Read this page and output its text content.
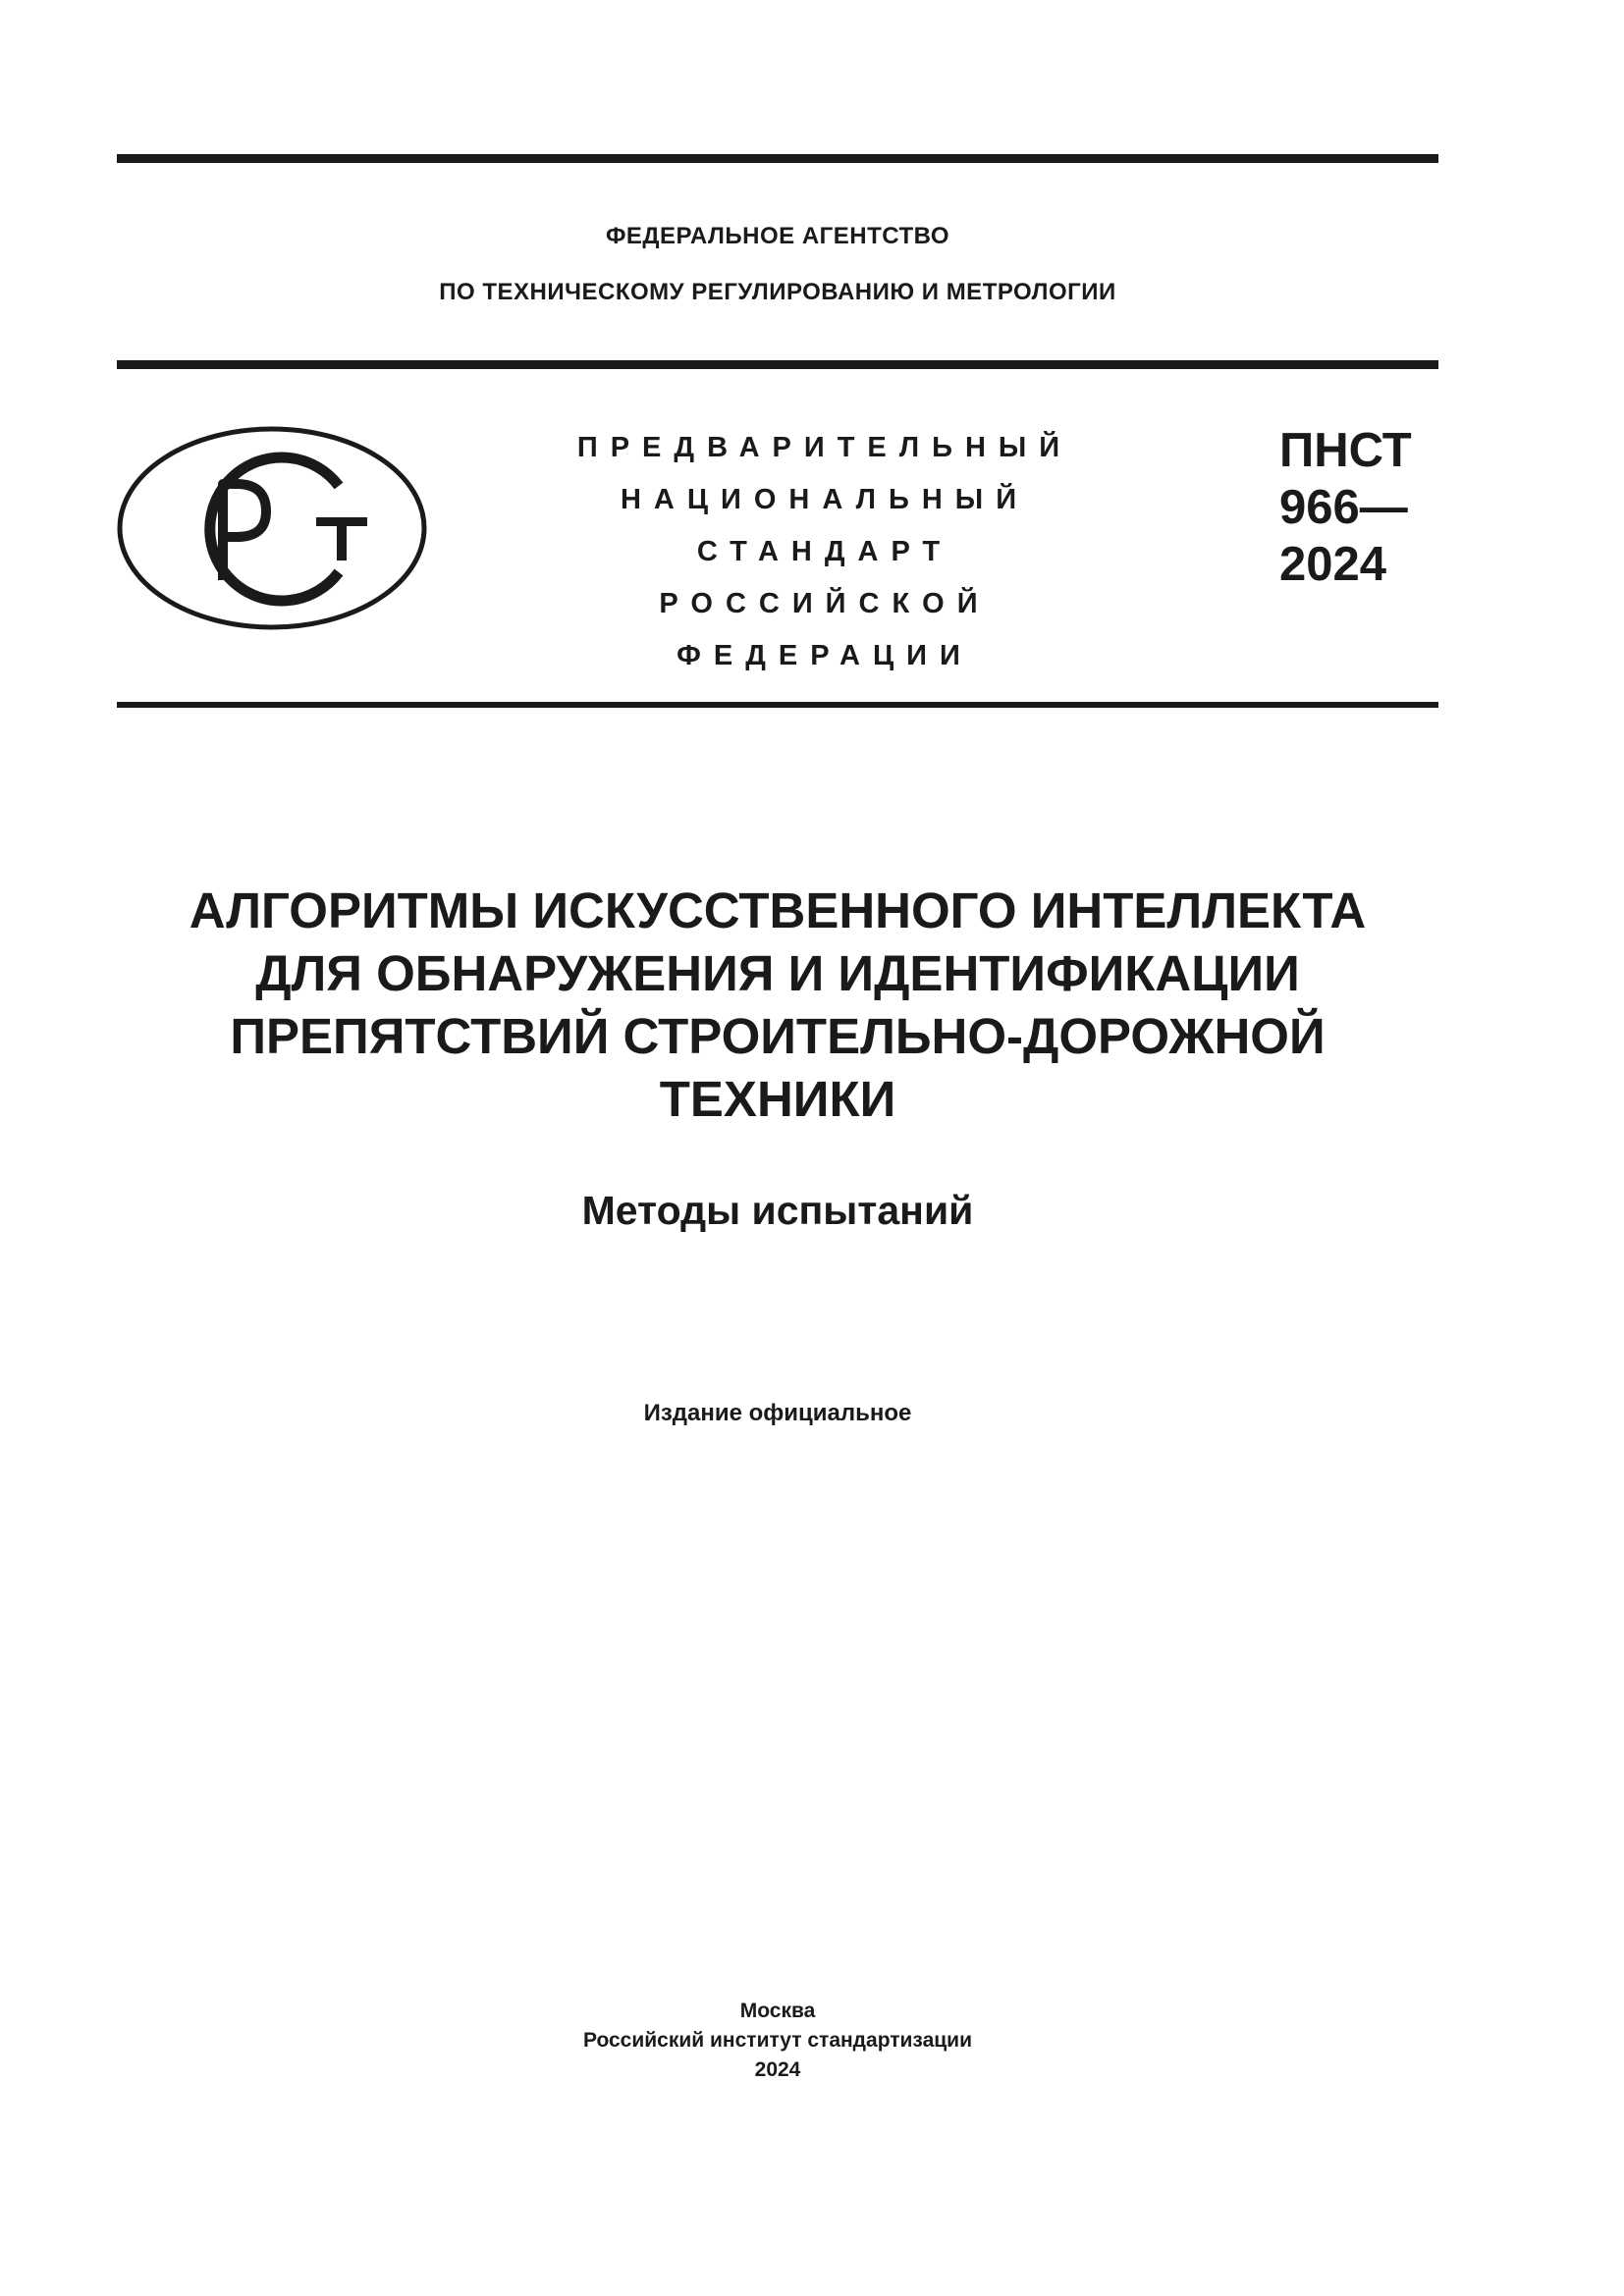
ФЕДЕРАЛЬНОЕ АГЕНТСТВО
ПО ТЕХНИЧЕСКОМУ РЕГУЛИРОВАНИЮ И МЕТРОЛОГИИ
ПРЕДВАРИТЕЛЬНЫЙ
НАЦИОНАЛЬНЫЙ
СТАНДАРТ
РОССИЙСКОЙ
ФЕДЕРАЦИИ
ПНСТ
966—
2024
АЛГОРИТМЫ ИСКУССТВЕННОГО ИНТЕЛЛЕКТА
ДЛЯ ОБНАРУЖЕНИЯ И ИДЕНТИФИКАЦИИ
ПРЕПЯТСТВИЙ СТРОИТЕЛЬНО-ДОРОЖНОЙ
ТЕХНИКИ
Методы испытаний
Издание официальное
Москва
Российский институт стандартизации
2024
